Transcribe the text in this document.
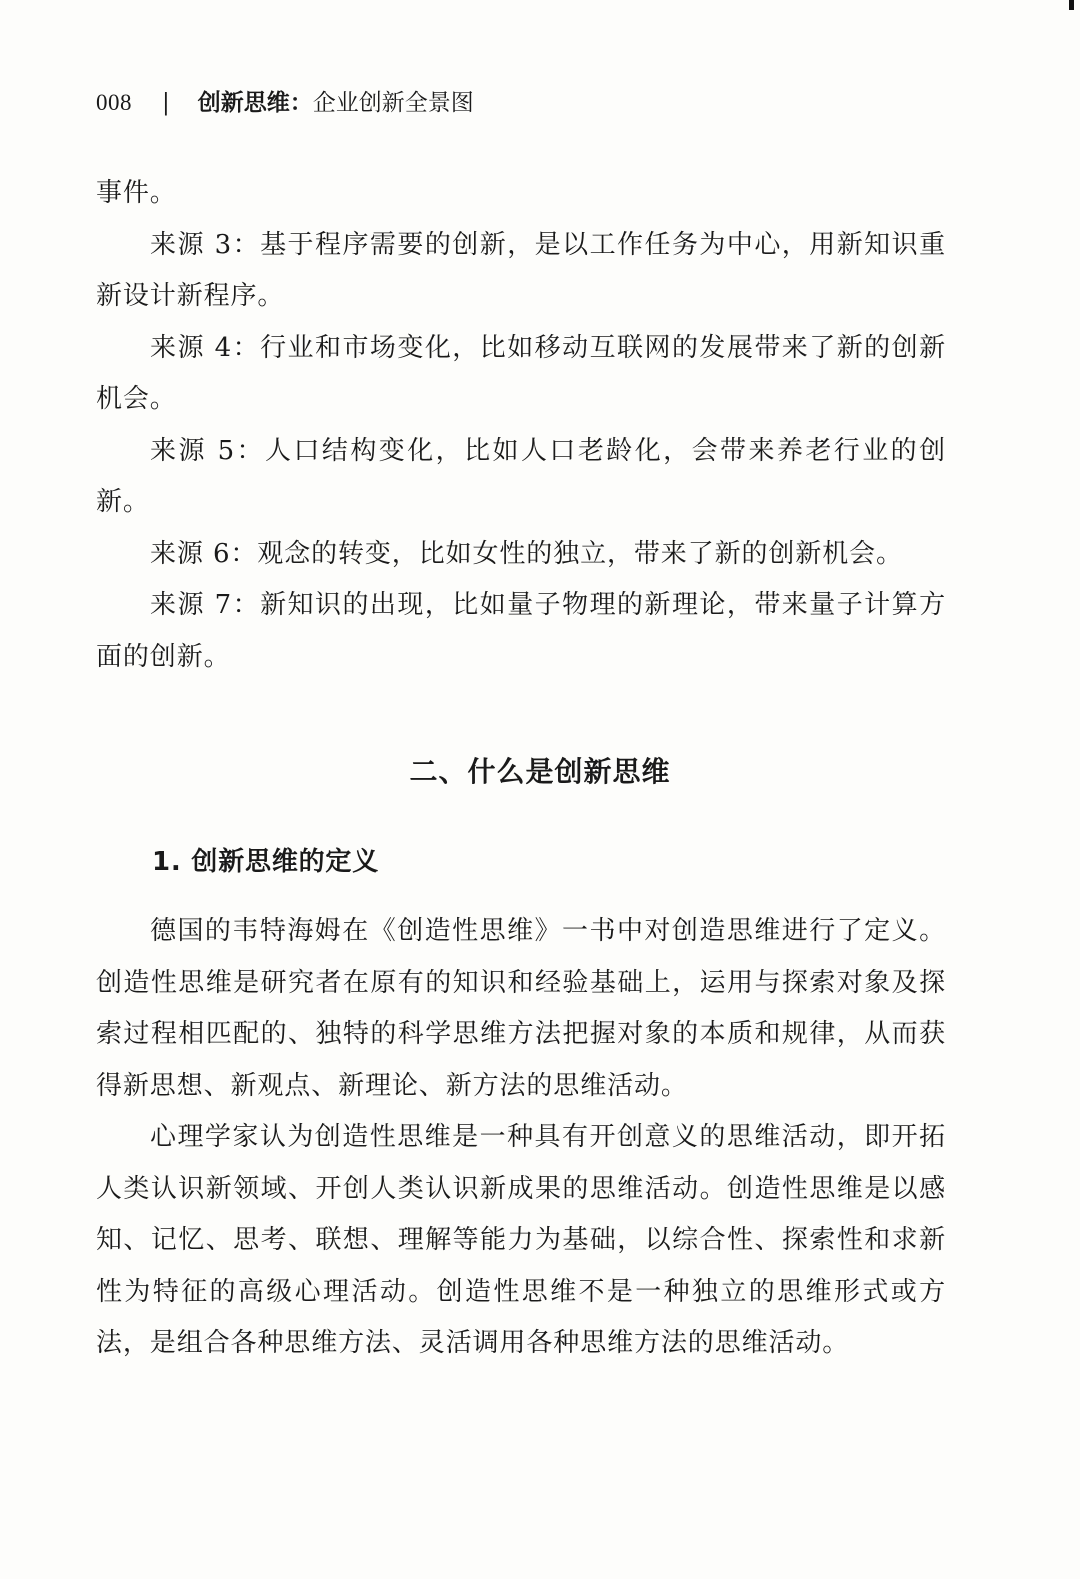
008 | 创新思维：企业创新全景图

事件。

来源 3：基于程序需要的创新，是以工作任务为中心，用新知识重新设计新程序。

来源 4：行业和市场变化，比如移动互联网的发展带来了新的创新机会。

来源 5：人口结构变化，比如人口老龄化，会带来养老行业的创新。

来源 6：观念的转变，比如女性的独立，带来了新的创新机会。

来源 7：新知识的出现，比如量子物理的新理论，带来量子计算方面的创新。

二、什么是创新思维
1. 创新思维的定义

德国的韦特海姆在《创造性思维》一书中对创造思维进行了定义。创造性思维是研究者在原有的知识和经验基础上，运用与探索对象及探索过程相匹配的、独特的科学思维方法把握对象的本质和规律，从而获得新思想、新观点、新理论、新方法的思维活动。

心理学家认为创造性思维是一种具有开创意义的思维活动，即开拓人类认识新领域、开创人类认识新成果的思维活动。创造性思维是以感知、记忆、思考、联想、理解等能力为基础，以综合性、探索性和求新性为特征的高级心理活动。创造性思维不是一种独立的思维形式或方法，是组合各种思维方法、灵活调用各种思维方法的思维活动。
